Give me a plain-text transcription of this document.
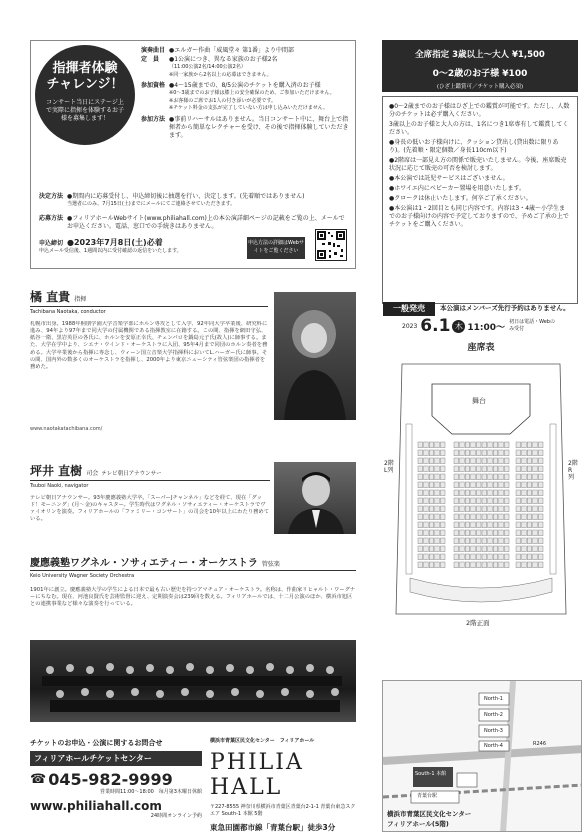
指揮者体験
チャレンジ！
コンサート当日にステージ上で実際に指揮を体験するお子様を募集します！
演奏曲目 ●エルガー作曲「威風堂々 第1番」より中間部
定　員	●1公演につき、異なる家族のお子様2名
（11:00公演2名/14:00公演2名）
※同一家族から2名以上の応募はできません。
参加資格 ●4～15歳までの、8/5公演のチケットを購入済のお子様
※0～3歳までのお子様は膝上の安全確保のため、ご参加いただけません。
※お客様のご席でお1人の付き添いが必要です。
※チケット料金の支払が完了していない方は申し込みいただけません。
参加方法 ●事前リハーサルはありません。当日コンサート中に、舞台上で指揮者から簡単なレクチャーを受け、その後で指揮体験していただきます。
決定方法 ●期間内に応募受付し、申込締切後に抽選を行い、決定します。(先着順ではありません)
当選者にのみ、7月15日(土)までにメールにてご連絡させていただきます。
応募方法 ●フィリアホールWebサイト(www.philiahall.com)上の本公演詳細ページの記載をご覧の上、メールでお申込ください。電話、窓口での手続きはありません。
申込締切 ●2023年7月8日(土)必着
申込メール受信後、1週間以内に受付確認の返信をいたします。
申込方法の詳細はWebサイトをご覧ください
橘 直貴 指揮
Tachibana Naotaka, conductor
札幌市出身。1988年桐朋学園大学音楽学部にホルン専攻として入学、92年同大学卒業後、研究科に進み、94年より97年まで同大学の付属機関である指揮教室に在籍する。この間、指揮を網田守弘、紙谷一衛、黒岩英臣の各氏に、ホルンを安原正幸氏、チェンバロを鍋島元子氏(故人)に師事する。また、大学在学中より、シエナ・ウインド・オーケストラに入団、95年4月まで同団のホルン奏者を務める。大学卒業後から指揮に専念し、ウィーン国立音楽大学指揮科においてL.ハーガー氏に師事。その間、国内外の数多くのオーケストラを指揮し、2000年より東京ニューシティ管弦楽団の指揮者を務めた。
www.naotakatachibana.com/
坪井 直樹 司会 テレビ朝日アナウンサー
Tsuboi Naoki, navigator
テレビ朝日アナウンサー。93年慶應義塾大学卒。「スーパーJチャンネル」などを経て、現在「グッド！モーニング」(月～金)のキャスター。学生時代はワグネル・ソサィエティー・オーケストラでヴァイオリンを演奏。フィリアホールの「ファミリー・コンサート」の司会を10年以上にわたり務めている。
慶應義塾ワグネル・ソサィエティー・オーケストラ 管弦楽
Keio University Wagner Society Orchestra
1901年に創立。慶應義塾大学の学生による日本で最も古い歴史を持つアマチュア・オーケストラ。名称は、作曲家リヒャルト・ワーグナーにちなむ。現在、河池良賢氏を芸術監督に迎え、定期演奏会は239回を数える。フィリアホールでは、十二月公演のほか、横浜市旭区との連携事業など様々な演奏を行っている。
チケットのお申込・公演に関するお問合せ
フィリアホールチケットセンター
☎ 045-982-9999
営業時間11:00～18:00　毎月第3木曜日休館
www.philiahall.com
24時間オンライン予約
横浜市青葉区民文化センター　フィリアホール
PHILIA HALL
〒227-8555 神奈川県横浜市青葉区青葉台2-1-1 青葉台東急スクエア South-1 本館 5階
東急田園都市線「青葉台駅」徒歩3分
全席指定 3歳以上～大人 ¥1,500
0～2歳のお子様 ¥100
(ひざ上鑑賞可／チケット購入必須)
●0～2歳までのお子様はひざ上での鑑賞が可能です。ただし、人数分のチケットは必ず購入ください。
3歳以上のお子様と大人の方は、1名につき1席専有して鑑賞してください。
●身長の低いお子様向けに、クッション貸出し(貸出数に限りあり)。(先着順・限定個数／身長110cm以下)
●2階席は一部見え方の関係で販売いたしません。今後、座席販売状況に応じて販売の可否を検討します。
●本公演では託児サービスはございません。
●ホワイエ内にベビーカー置場を用意いたします。
●クロークは休止いたします。何卒ご了承ください。
●本公演は1・2回目とも同じ内容です。内容は3・4歳～小学生までのお子様向けの内容で予定しておりますので、予めご了承の上でチケットをご購入ください。
一般発売	本公演はメンバーズ先行予約はありません。
2023 6.1 木 11:00～
初日は電話・Webのみ受付
座席表
舞台
2階L列
2階R列
2階正面
North-1
North-2
North-3
North-4
South-1 本館
青葉台駅
R246
横浜市青葉区民文化センター
フィリアホール(5階)
